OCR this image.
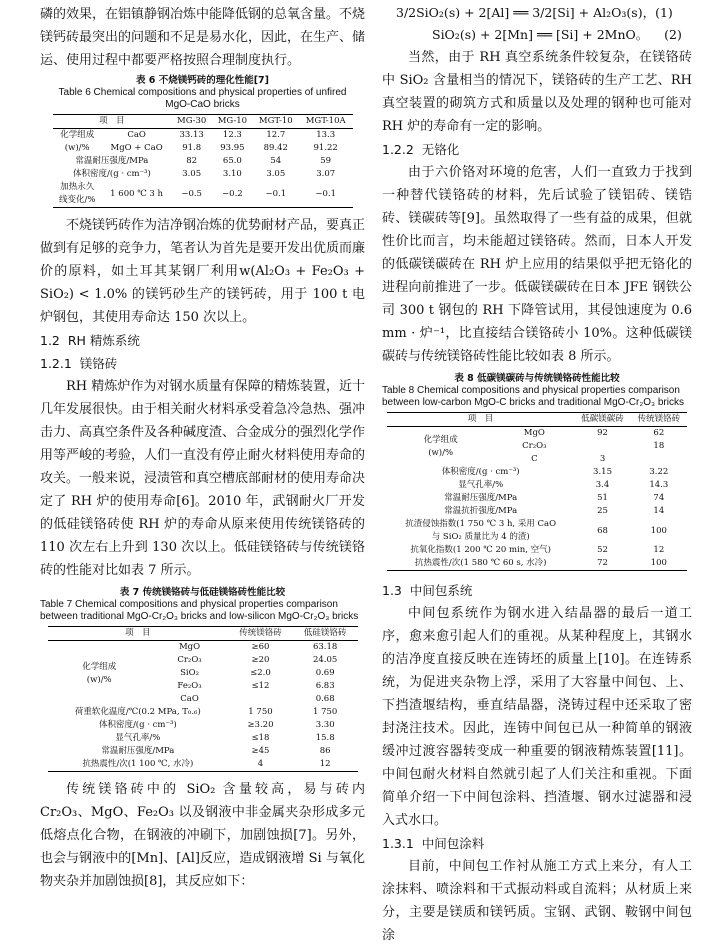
磷的效果，在铝镇静钢冶炼中能降低钢的总氧含量。不烧镁钙砖最突出的问题和不足是易水化，因此，在生产、储运、使用过程中都要严格按照合理制度执行。

表 6 不烧镁钙砖的理化性能[7]

Table 6 Chemical compositions and physical properties of unfired MgO-CaO bricks

项　目		MG-30	MG-10	MGT-10	MGT-10A
化学组成
(w)/%	CaO	33.13	12.3	12.7	13.3
	MgO + CaO	91.8	93.95	89.42	91.22
常温耐压强度/MPa		82	65.0	54	59
体积密度/(g · cm⁻³)		3.05	3.10	3.05	3.07
加热永久
线变化/%	1 600 ℃ 3 h	−0.5	−0.2	−0.1	−0.1

不烧镁钙砖作为洁净钢冶炼的优势耐材产品，要真正做到有足够的竞争力，笔者认为首先是要开发出优质而廉价的原料，如土耳其某钢厂利用w(Al₂O₃ + Fe₂O₃ + SiO₂) < 1.0% 的镁钙砂生产的镁钙砖，用于 100 t 电炉钢包，其使用寿命达 150 次以上。

1.2  RH 精炼系统

1.2.1  镁铬砖

RH 精炼炉作为对钢水质量有保障的精炼装置，近十几年发展很快。由于相关耐火材料承受着急冷急热、强冲击力、高真空条件及各种碱度渣、合金成分的强烈化学作用等严峻的考验，人们一直没有停止耐火材料使用寿命的攻关。一般来说，浸渍管和真空槽底部耐材的使用寿命决定了 RH 炉的使用寿命[6]。2010 年，武钢耐火厂开发的低硅镁铬砖使 RH 炉的寿命从原来使用传统镁铬砖的 110 次左右上升到 130 次以上。低硅镁铬砖与传统镁铬砖的性能对比如表 7 所示。

表 7 传统镁铬砖与低硅镁铬砖性能比较

Table 7 Chemical compositions and physical properties comparison between traditional MgO-Cr₂O₃ bricks and low-silicon MgO-Cr₂O₃ bricks

项　目		传统镁铬砖	低硅镁铬砖
化学组成
(w)/%	MgO	≥60	63.18
	Cr₂O₃	≥20	24.05
	SiO₂	≤2.0	0.69
	Fe₂O₃	≤12	6.83
	CaO		0.68
荷重软化温度/℃(0.2 MPa, T₀.₆)		1 750	1 750
体积密度/(g · cm⁻³)		≥3.20	3.30
显气孔率/%		≤18	15.8
常温耐压强度/MPa		≥45	86
抗热震性/次(1 100 ℃, 水冷)		4	12

传统镁铬砖中的 SiO₂ 含量较高，易与砖内 Cr₂O₃、MgO、Fe₂O₃ 以及钢液中非金属夹杂形成多元低熔点化合物，在钢液的冲刷下，加剧蚀损[7]。另外，也会与钢液中的[Mn]、[Al]反应，造成钢液增 Si 与氧化物夹杂并加剧蚀损[8]，其反应如下：

3/2SiO₂(s) + 2[Al] ══ 3/2[Si] + Al₂O₃(s)，(1)

SiO₂(s) + 2[Mn] ══ [Si] + 2MnO。    (2)

当然，由于 RH 真空系统条件较复杂，在镁铬砖中 SiO₂ 含量相当的情况下，镁铬砖的生产工艺、RH 真空装置的砌筑方式和质量以及处理的钢种也可能对 RH 炉的寿命有一定的影响。

1.2.2  无铬化

由于六价铬对环境的危害，人们一直致力于找到一种替代镁铬砖的材料，先后试验了镁铝砖、镁锆砖、镁碳砖等[9]。虽然取得了一些有益的成果，但就性价比而言，均未能超过镁铬砖。然而，日本人开发的低碳镁碳砖在 RH 炉上应用的结果似乎把无铬化的进程向前推进了一步。低碳镁碳砖在日本 JFE 钢铁公司 300 t 钢包的 RH 下降管试用，其侵蚀速度为 0.6 mm · 炉⁻¹，比直接结合镁铬砖小 10%。这种低碳镁碳砖与传统镁铬砖性能比较如表 8 所示。

表 8 低碳镁碳砖与传统镁铬砖性能比较

Table 8 Chemical compositions and physical properties comparison between low-carbon MgO-C bricks and traditional MgO-Cr₂O₃ bricks

项　目		低碳镁碳砖	传统镁铬砖
化学组成
(w)/%	MgO	92	62
	Cr₂O₃		18
	C	3	
体积密度/(g · cm⁻³)		3.15	3.22
显气孔率/%		3.4	14.3
常温耐压强度/MPa		51	74
常温抗折强度/MPa		25	14
抗渣侵蚀指数(1 750 ℃ 3 h, 采用 CaO
与 SiO₂ 质量比为 4 的渣)		68	100
抗氧化指数(1 200 ℃ 20 min, 空气)		52	12
抗热震性/次(1 580 ℃ 60 s, 水冷)		72	100

1.3  中间包系统

中间包系统作为钢水进入结晶器的最后一道工序，愈来愈引起人们的重视。从某种程度上，其钢水的洁净度直接反映在连铸坯的质量上[10]。在连铸系统，为促进夹杂物上浮，采用了大容量中间包、上、下挡渣堰结构，垂直结晶器，浇铸过程中还采取了密封浇注技术。因此，连铸中间包已从一种简单的钢液缓冲过渡容器转变成一种重要的钢液精炼装置[11]。中间包耐火材料自然就引起了人们关注和重视。下面简单介绍一下中间包涂料、挡渣堰、钢水过滤器和浸入式水口。

1.3.1  中间包涂料

目前，中间包工作衬从施工方式上来分，有人工涂抹料、喷涂料和干式振动料或自流料；从材质上来分，主要是镁质和镁钙质。宝钢、武钢、鞍钢中间包涂
